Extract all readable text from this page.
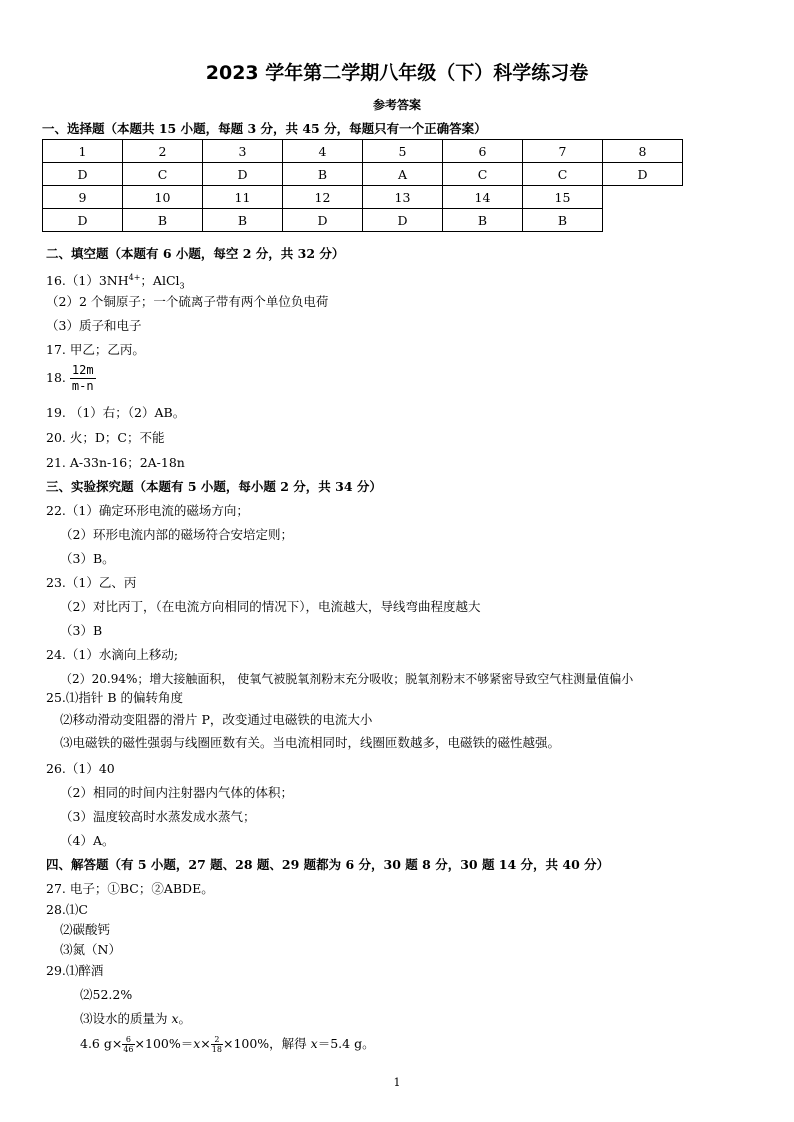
2023 学年第二学期八年级（下）科学练习卷
参考答案
一、选择题（本题共 15 小题，每题 3 分，共 45 分，每题只有一个正确答案）
1	2	3	4	5	6	7	8
D	C	D	B	A	C	C	D
9	10	11	12	13	14	15	
D	B	B	D	D	B	B	
二、填空题（本题有 6 小题，每空 2 分，共 32 分）
$16.(1)3NH^{4+}$；AlCl$_3$
（2）2 个铜原子；一个硫离子带有两个单位负电荷
（3）质子和电子
17. 甲乙；乙丙。
18. $\frac{12m}{m-n}$
19. （1）右；（2）AB。
20. 火；D；C；不能
21. A-33n-16；2A-18n
三、实验探究题（本题有 5 小题，每小题 2 分，共 34 分）
22.（1）确定环形电流的磁场方向；
（2）环形电流内部的磁场符合安培定则；
（3）B。
23.（1）乙、丙
（2）对比丙丁，（在电流方向相同的情况下），电流越大，导线弯曲程度越大
（3）B
24.（1）水滴向上移动;
（2）20.94%；增大接触面积， 使氧气被脱氧剂粉末充分吸收；脱氧剂粉末不够紧密导致空气柱测量值偏小
25.⑴指针 B 的偏转角度
⑵移动滑动变阻器的滑片 P，改变通过电磁铁的电流大小
⑶电磁铁的磁性强弱与线圈匝数有关。当电流相同时，线圈匝数越多，电磁铁的磁性越强。
26.（1）40
（2）相同的时间内注射器内气体的体积；
（3）温度较高时水蒸发成水蒸气；
（4）A。
四、解答题（有 5 小题，27 题、28 题、29 题都为 6 分，30 题 8 分，30 题 14 分，共 40 分）
27. 电子；①BC；②ABDE。
28.⑴C
⑵碳酸钙
⑶氮（N）
29.⑴醉酒
⑵52.2%
⑶设水的质量为 x。
4.6 $g\times \frac{6}{46} \times 100\%=x\times \frac{2}{18} \times 100\%$，解得 x＝5.4 g。
1
